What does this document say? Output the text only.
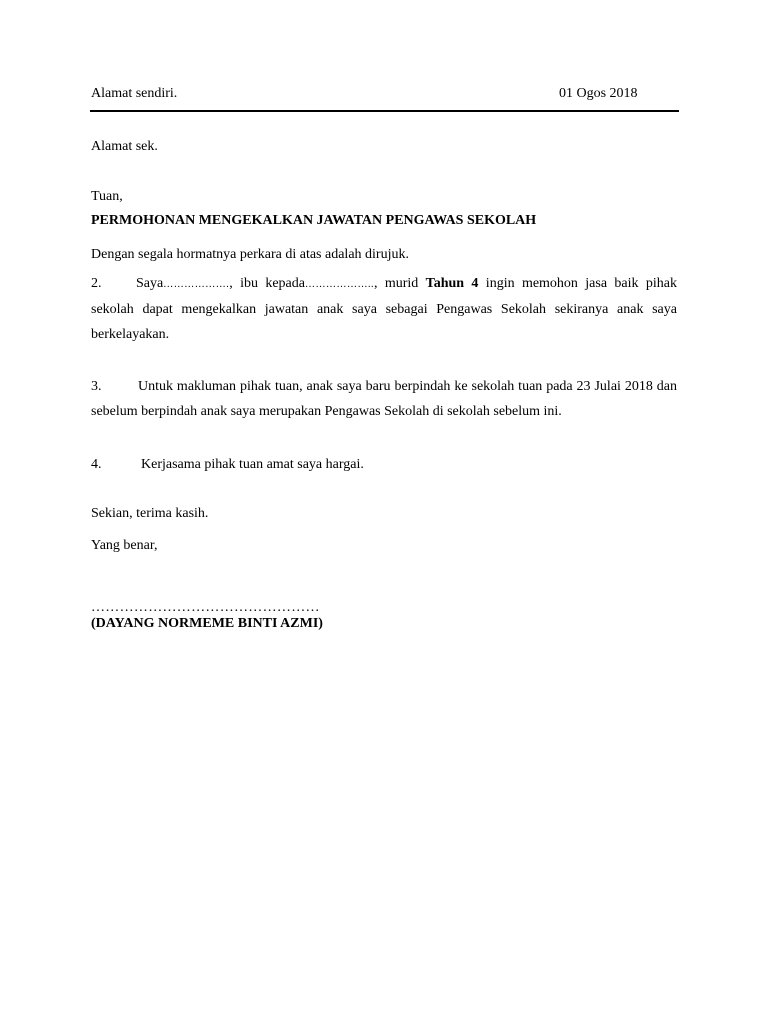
Alamat sendiri.	01 Ogos 2018
Alamat sek.
Tuan,
PERMOHONAN MENGEKALKAN JAWATAN PENGAWAS SEKOLAH
Dengan segala hormatnya perkara di atas adalah dirujuk.
2. Saya………………., ibu kepada……………….., murid Tahun 4 ingin memohon jasa baik pihak sekolah dapat mengekalkan jawatan anak saya sebagai Pengawas Sekolah sekiranya anak saya berkelayakan.
3.	Untuk makluman pihak tuan, anak saya baru berpindah ke sekolah tuan pada 23 Julai 2018 dan sebelum berpindah anak saya merupakan Pengawas Sekolah di sekolah sebelum ini.
4.	Kerjasama pihak tuan amat saya hargai.
Sekian, terima kasih.
Yang benar,
…………………………………………
(DAYANG NORMEME BINTI AZMI)
